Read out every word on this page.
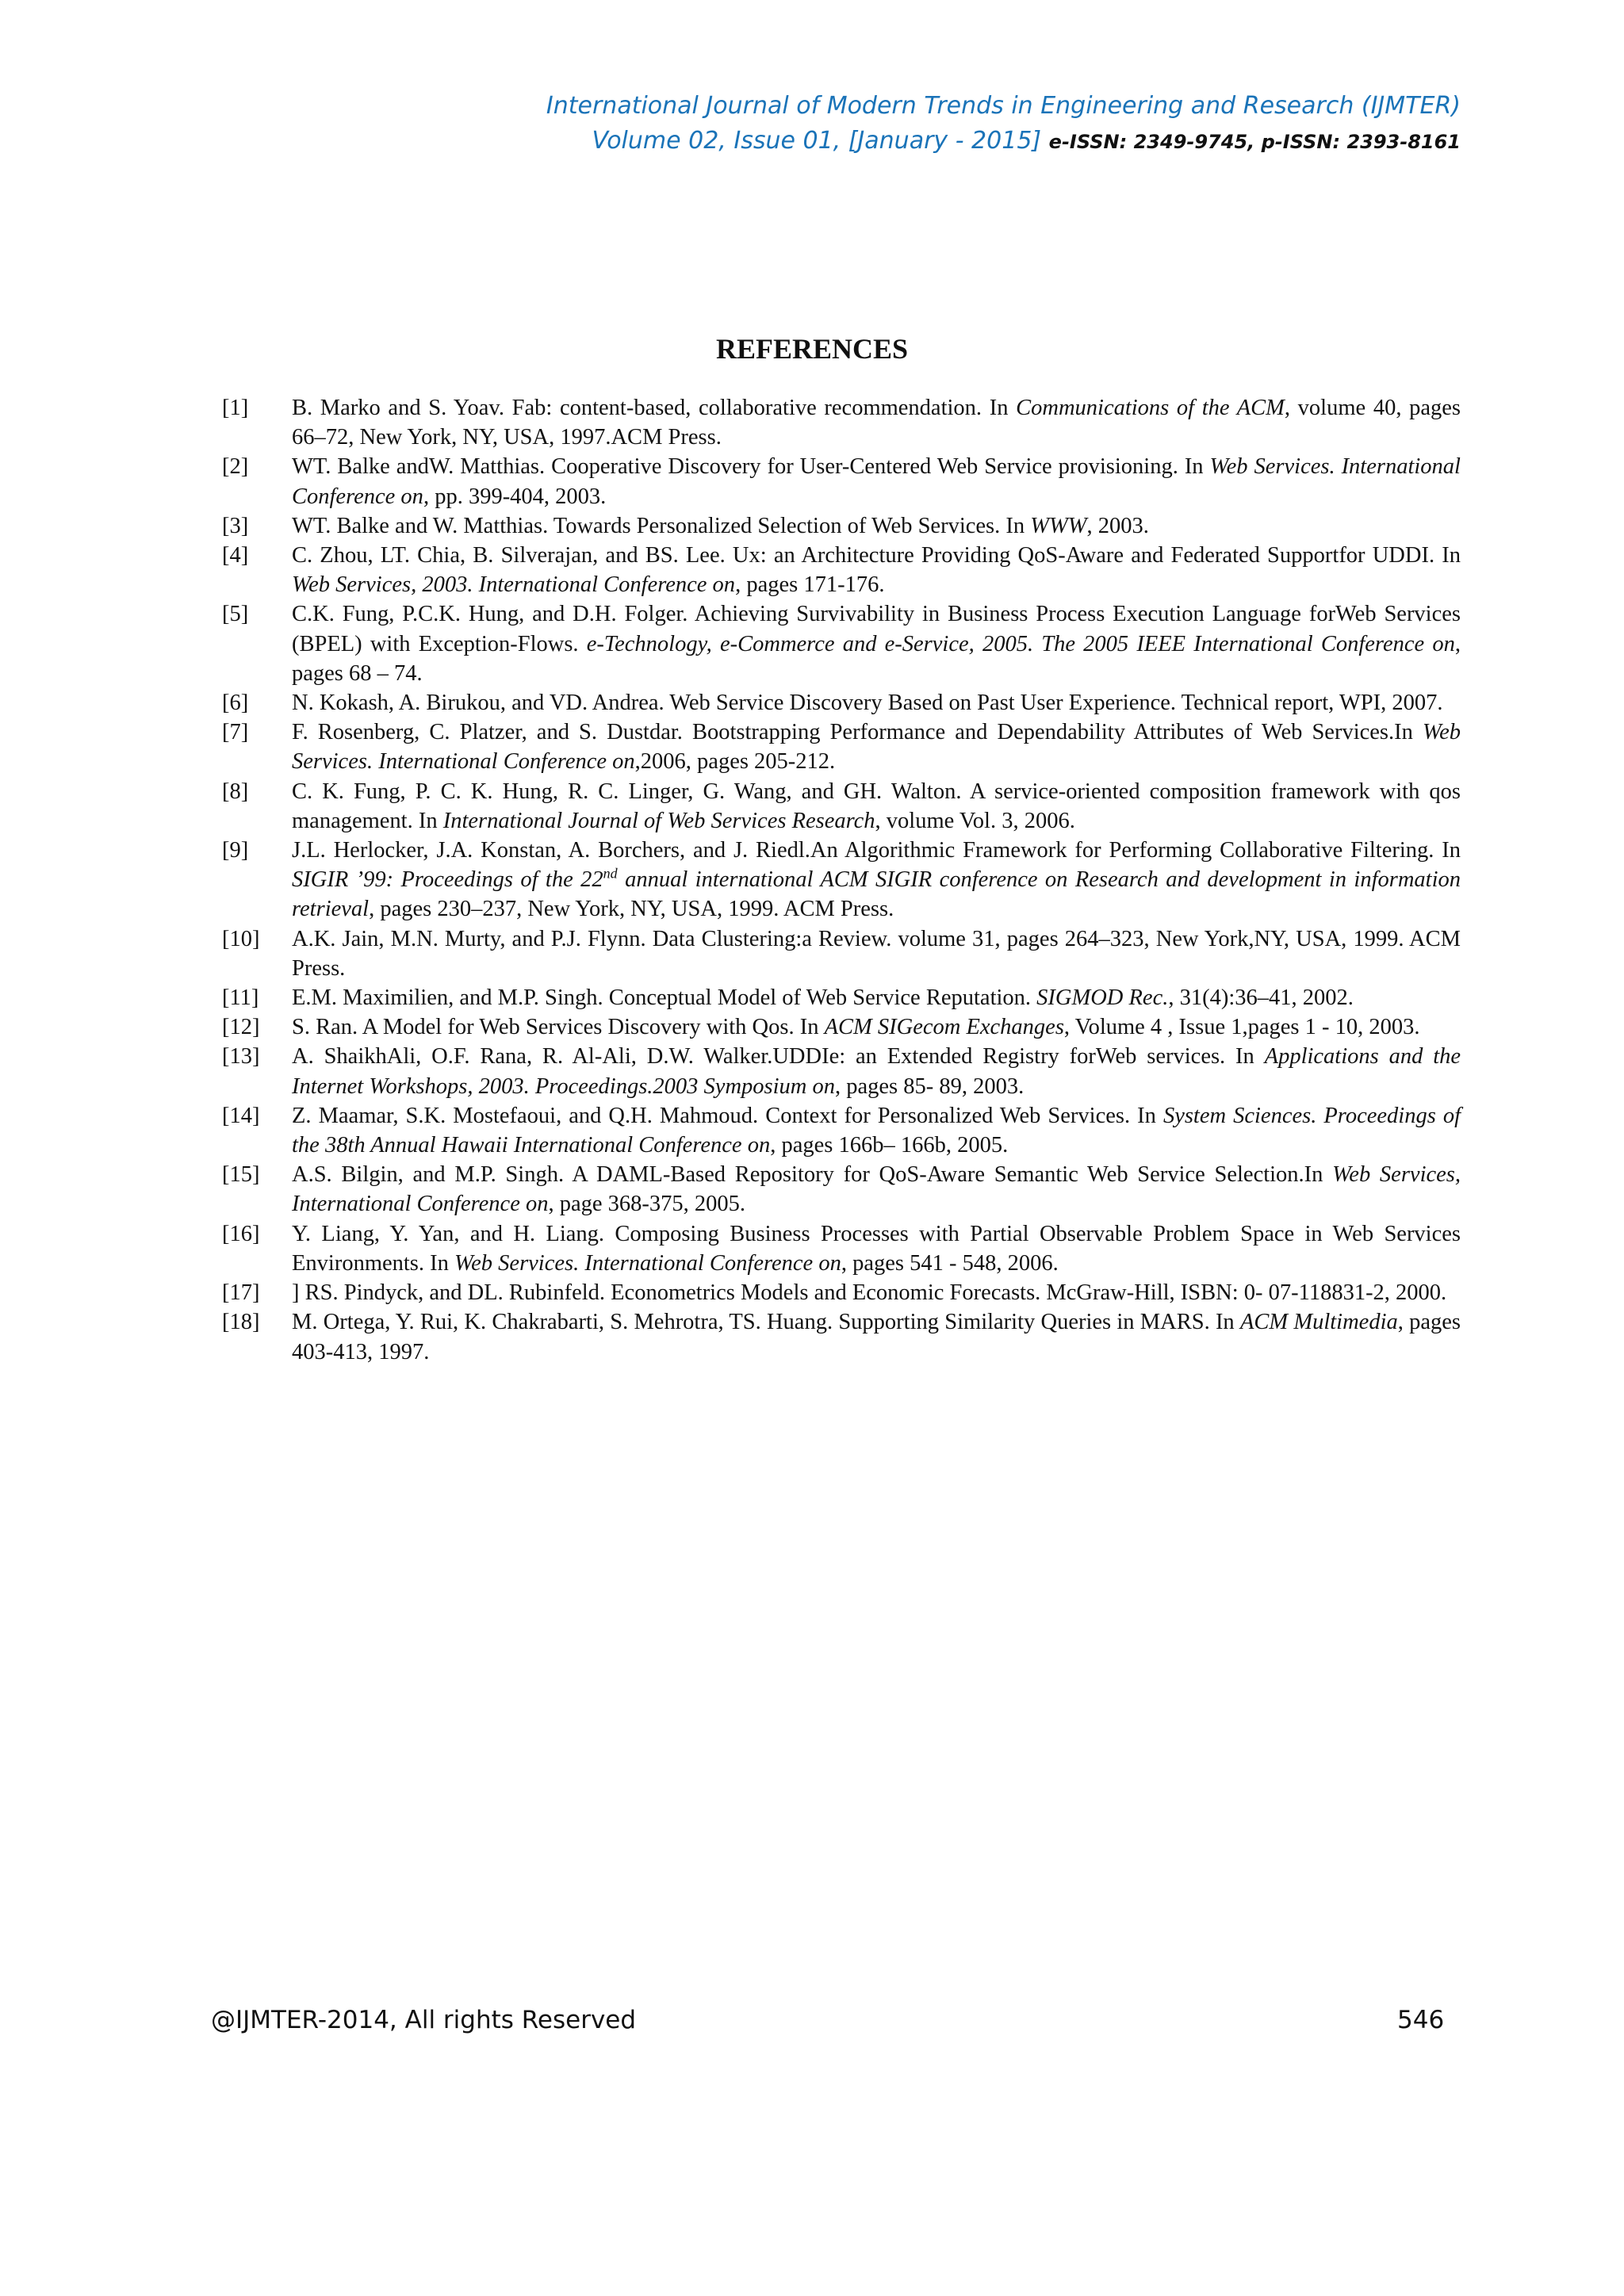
International Journal of Modern Trends in Engineering and Research (IJMTER)
Volume 02, Issue 01, [January - 2015] e-ISSN: 2349-9745, p-ISSN: 2393-8161
REFERENCES
[1]	B. Marko and S. Yoav. Fab: content-based, collaborative recommendation. In Communications of the ACM, volume 40, pages 66–72, New York, NY, USA, 1997.ACM Press.
[2]	WT. Balke andW. Matthias. Cooperative Discovery for User-Centered Web Service provisioning. In Web Services. International Conference on, pp. 399-404, 2003.
[3]	WT. Balke and W. Matthias. Towards Personalized Selection of Web Services. In WWW, 2003.
[4]	C. Zhou, LT. Chia, B. Silverajan, and BS. Lee. Ux: an Architecture Providing QoS-Aware and Federated Supportfor UDDI. In Web Services, 2003. International Conference on, pages 171-176.
[5]	C.K. Fung, P.C.K. Hung, and D.H. Folger. Achieving Survivability in Business Process Execution Language forWeb Services (BPEL) with Exception-Flows. e-Technology, e-Commerce and e-Service, 2005. The 2005 IEEE International Conference on, pages 68 – 74.
[6]	N. Kokash, A. Birukou, and VD. Andrea. Web Service Discovery Based on Past User Experience. Technical report, WPI, 2007.
[7]	F. Rosenberg, C. Platzer, and S. Dustdar. Bootstrapping Performance and Dependability Attributes of Web Services.In Web Services. International Conference on,2006, pages 205-212.
[8]	C. K. Fung, P. C. K. Hung, R. C. Linger, G. Wang, and GH. Walton. A service-oriented composition framework with qos management. In International Journal of Web Services Research, volume Vol. 3, 2006.
[9]	J.L. Herlocker, J.A. Konstan, A. Borchers, and J. Riedl.An Algorithmic Framework for Performing Collaborative Filtering. In SIGIR ’99: Proceedings of the 22nd annual international ACM SIGIR conference on Research and development in information retrieval, pages 230–237, New York, NY, USA, 1999. ACM Press.
[10]	A.K. Jain, M.N. Murty, and P.J. Flynn. Data Clustering:a Review. volume 31, pages 264–323, New York,NY, USA, 1999. ACM Press.
[11]	E.M. Maximilien, and M.P. Singh. Conceptual Model of Web Service Reputation. SIGMOD Rec., 31(4):36–41, 2002.
[12]	S. Ran. A Model for Web Services Discovery with Qos. In ACM SIGecom Exchanges, Volume 4 , Issue 1,pages 1 - 10, 2003.
[13]	A. ShaikhAli, O.F. Rana, R. Al-Ali, D.W. Walker.UDDIe: an Extended Registry forWeb services. In Applications and the Internet Workshops, 2003. Proceedings.2003 Symposium on, pages 85- 89, 2003.
[14]	Z. Maamar, S.K. Mostefaoui, and Q.H. Mahmoud. Context for Personalized Web Services. In System Sciences. Proceedings of the 38th Annual Hawaii International Conference on, pages 166b– 166b, 2005.
[15]	A.S. Bilgin, and M.P. Singh. A DAML-Based Repository for QoS-Aware Semantic Web Service Selection.In Web Services, International Conference on, page 368-375, 2005.
[16]	Y. Liang, Y. Yan, and H. Liang. Composing Business Processes with Partial Observable Problem Space in Web Services Environments. In Web Services. International Conference on, pages 541 - 548, 2006.
[17]	] RS. Pindyck, and DL. Rubinfeld. Econometrics Models and Economic Forecasts. McGraw-Hill, ISBN: 0- 07-118831-2, 2000.
[18]	M. Ortega, Y. Rui, K. Chakrabarti, S. Mehrotra, TS. Huang. Supporting Similarity Queries in MARS. In ACM Multimedia, pages 403-413, 1997.
@IJMTER-2014, All rights Reserved	546
